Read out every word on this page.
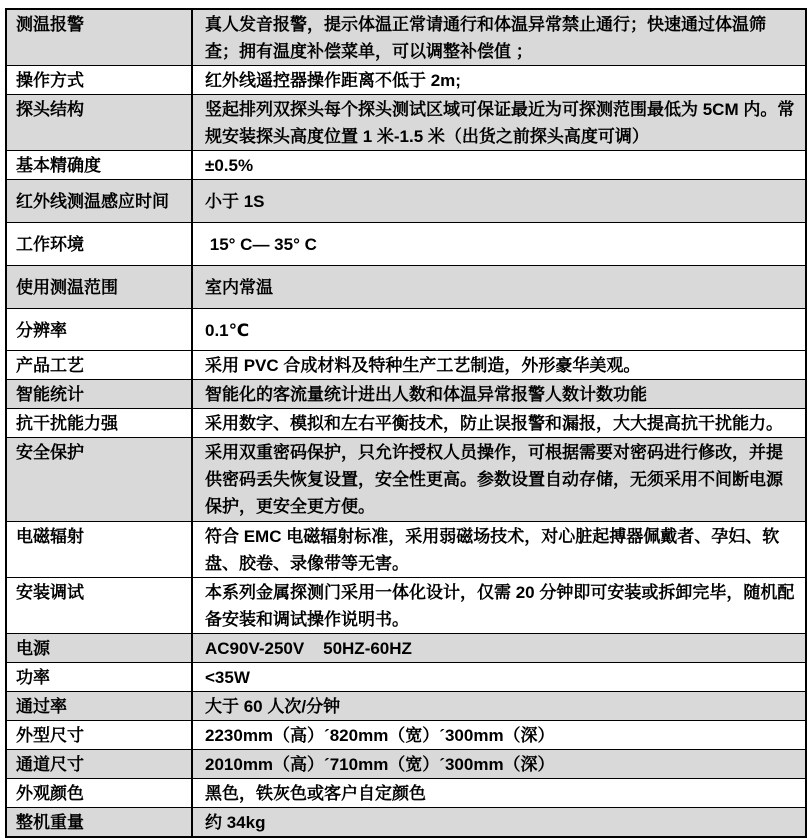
测温报警	真人发音报警，提示体温正常请通行和体温异常禁止通行；快速通过体温筛查；拥有温度补偿菜单，可以调整补偿值 ；
操作方式	红外线遥控器操作距离不低于 2m;
探头结构	竖起排列双探头每个探头测试区域可保证最近为可探测范围最低为 5CM 内。常规安装探头高度位置 1 米-1.5 米（出货之前探头高度可调）
基本精确度	±0.5%
红外线测温感应时间	小于 1S
工作环境	15° C— 35° C
使用测温范围	室内常温
分辨率	0.1℃
产品工艺	采用 PVC 合成材料及特种生产工艺制造，外形豪华美观。
智能统计	智能化的客流量统计进出人数和体温异常报警人数计数功能
抗干扰能力强	采用数字、模拟和左右平衡技术，防止误报警和漏报，大大提高抗干扰能力。
安全保护	采用双重密码保护，只允许授权人员操作，可根据需要对密码进行修改，并提供密码丢失恢复设置，安全性更高。参数设置自动存储，无须采用不间断电源保护，更安全更方便。
电磁辐射	符合 EMC 电磁辐射标准，采用弱磁场技术，对心脏起搏器佩戴者、孕妇、软盘、胶卷、录像带等无害。
安装调试	本系列金属探测门采用一体化设计，仅需 20 分钟即可安装或拆卸完毕，随机配备安装和调试操作说明书。
电源	AC90V-250V    50HZ-60HZ
功率	<35W
通过率	大于 60 人次/分钟
外型尺寸	2230mm（高）´820mm（宽）´300mm（深）
通道尺寸	2010mm（高）´710mm（宽）´300mm（深）
外观颜色	黑色，铁灰色或客户自定颜色
整机重量	约 34kg
